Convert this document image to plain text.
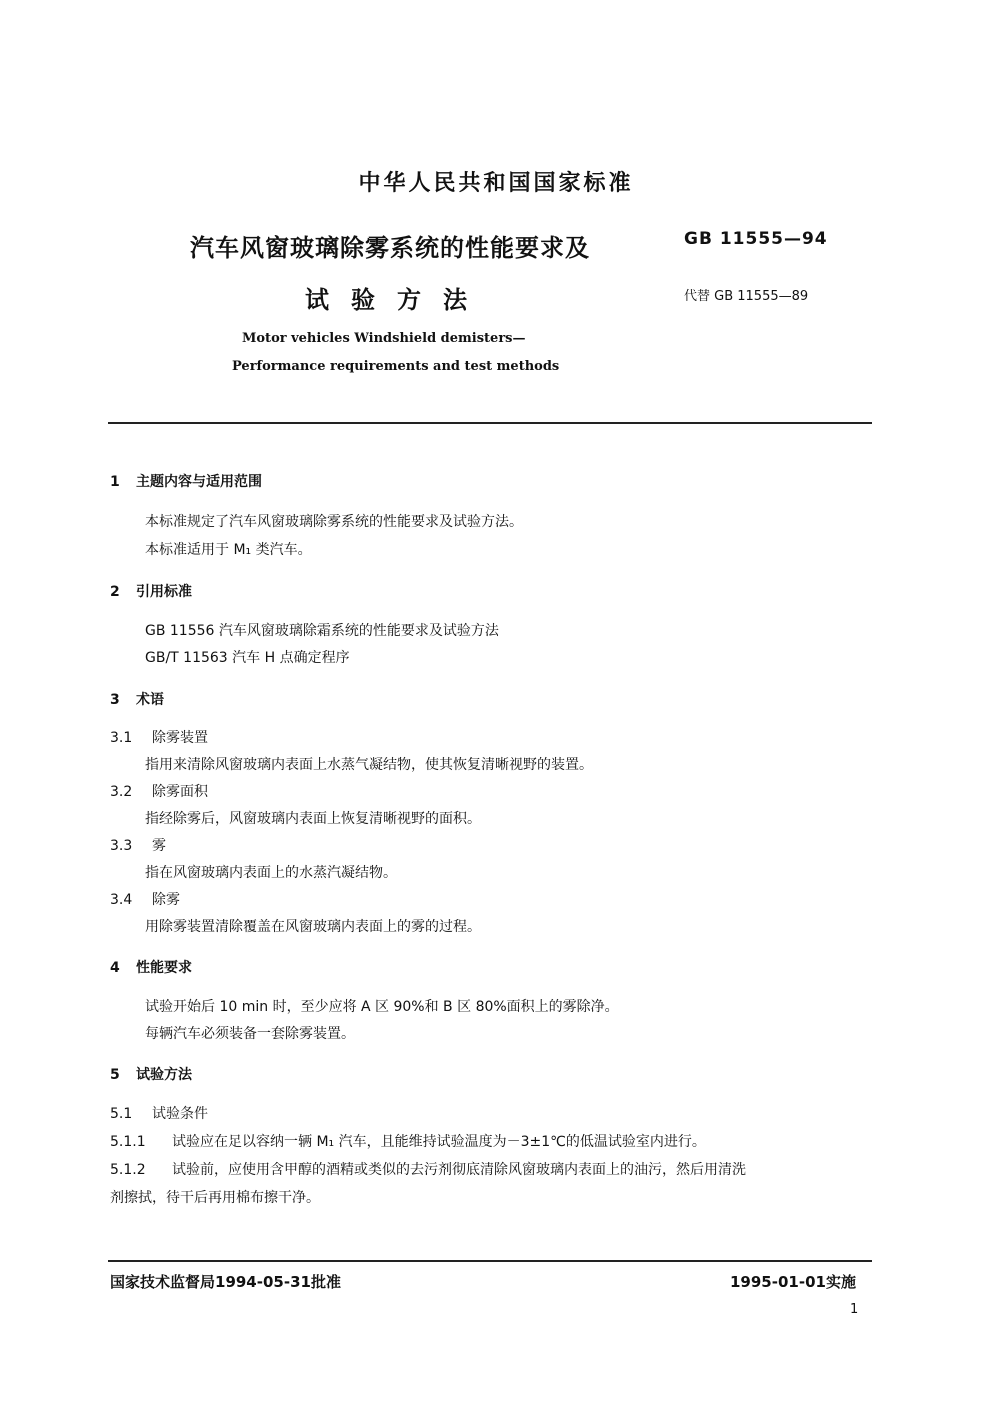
中华人民共和国国家标准
汽车风窗玻璃除雾系统的性能要求及
试验方法
GB 11555—94
代替 GB 11555—89
Motor vehicles Windshield demisters—
Performance requirements and test methods
1 主题内容与适用范围
本标准规定了汽车风窗玻璃除雾系统的性能要求及试验方法。
本标准适用于 M₁ 类汽车。
2 引用标准
GB 11556 汽车风窗玻璃除霜系统的性能要求及试验方法
GB/T 11563 汽车 H 点确定程序
3 术语
3.1 除雾装置
指用来清除风窗玻璃内表面上水蒸气凝结物，使其恢复清晰视野的装置。
3.2 除雾面积
指经除雾后，风窗玻璃内表面上恢复清晰视野的面积。
3.3 雾
指在风窗玻璃内表面上的水蒸汽凝结物。
3.4 除雾
用除雾装置清除覆盖在风窗玻璃内表面上的雾的过程。
4 性能要求
试验开始后 10 min 时，至少应将 A 区 90%和 B 区 80%面积上的雾除净。
每辆汽车必须装备一套除雾装置。
5 试验方法
5.1 试验条件
5.1.1 试验应在足以容纳一辆 M₁ 汽车，且能维持试验温度为－3±1℃的低温试验室内进行。
5.1.2 试验前，应使用含甲醇的酒精或类似的去污剂彻底清除风窗玻璃内表面上的油污，然后用清洗
剂擦拭，待干后再用棉布擦干净。
国家技术监督局1994-05-31批准	1995-01-01实施
1
